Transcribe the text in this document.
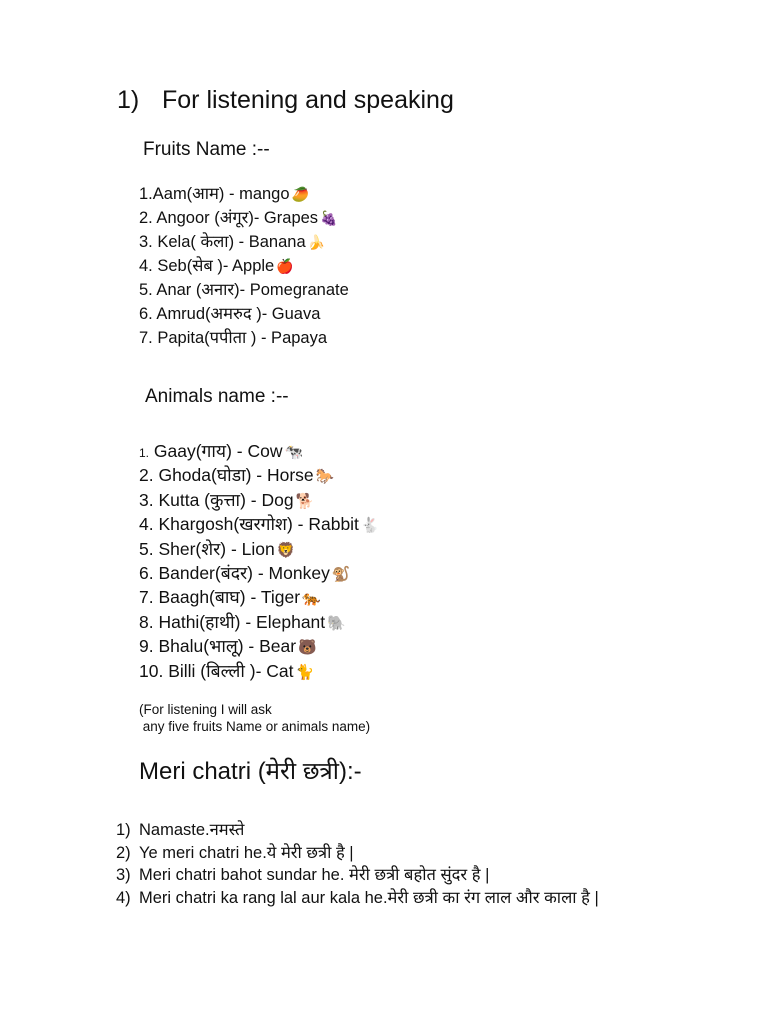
1) For listening and speaking
Fruits Name :--
1.Aam(आम) - mango 🥭
2. Angoor (अंगूर)- Grapes 🍇
3. Kela( केला) - Banana 🍌
4. Seb(सेब )- Apple 🍎
5. Anar (अनार)- Pomegranate
6. Amrud(अमरुद )- Guava
7. Papita(पपीता ) - Papaya
Animals name :--
1. Gaay(गाय) - Cow 🐄
2. Ghoda(घोडा) - Horse 🐎
3. Kutta (कुत्ता) - Dog 🐕
4. Khargosh(खरगोश) - Rabbit 🐇
5. Sher(शेर) - Lion 🦁
6. Bander(बंदर) - Monkey 🐒
7. Baagh(बाघ) - Tiger 🐅
8. Hathi(हाथी) - Elephant 🐘
9. Bhalu(भालू) - Bear 🐻
10. Billi (बिल्ली )- Cat 🐈
(For listening I will ask
any five fruits Name or animals name)
Meri chatri (मेरी छत्री):-
1) Namaste.नमस्ते
2) Ye meri chatri he.ये मेरी छत्री है |
3) Meri chatri bahot sundar he. मेरी छत्री बहोत सुंदर है |
4) Meri chatri ka rang lal aur kala he.मेरी छत्री का रंग लाल और काला है |
